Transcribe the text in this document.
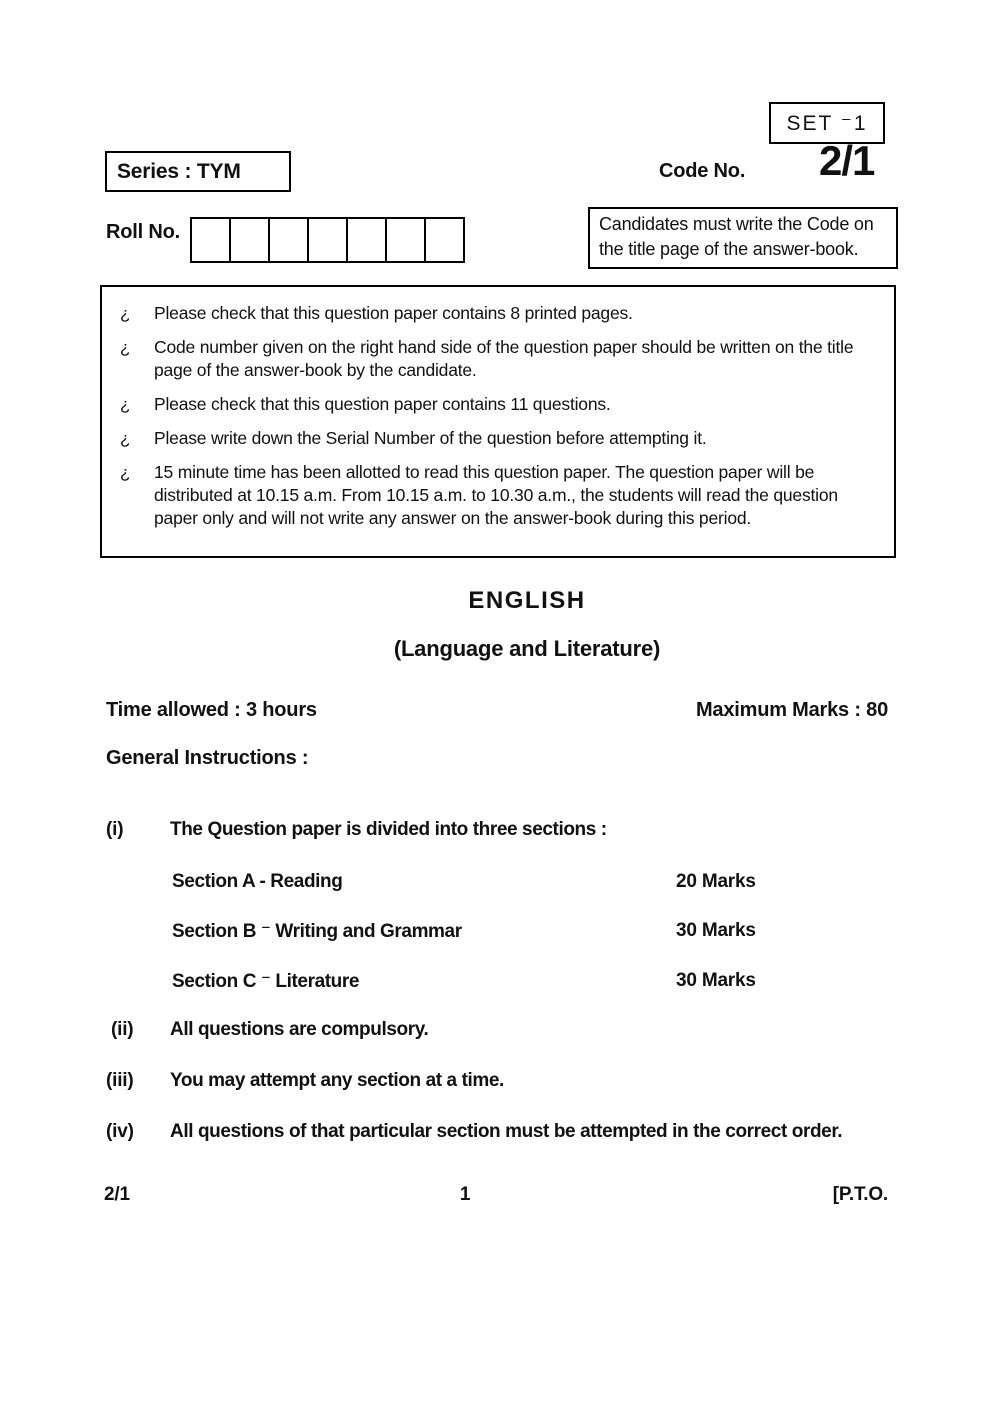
SET ⁻1
Series : TYM	Code No. 2/1
Roll No.	Candidates must write the Code on the title page of the answer-book.
¿	Please check that this question paper contains 8 printed pages.
¿	Code number given on the right hand side of the question paper should be written on the title page of the answer-book by the candidate.
¿	Please check that this question paper contains 11 questions.
¿	Please write down the Serial Number of the question before attempting it.
¿	15 minute time has been allotted to read this question paper. The question paper will be distributed at 10.15 a.m. From 10.15 a.m. to 10.30 a.m., the students will read the question paper only and will not write any answer on the answer-book during this period.
ENGLISH
(Language and Literature)
Time allowed : 3 hours	Maximum Marks : 80
General Instructions :
(i) The Question paper is divided into three sections :
Section A - Reading	20 Marks
Section B ⁻ Writing and Grammar	30 Marks
Section C ⁻ Literature	30 Marks
(ii) All questions are compulsory.
(iii) You may attempt any section at a time.
(iv) All questions of that particular section must be attempted in the correct order.
2/1	1	[P.T.O.
